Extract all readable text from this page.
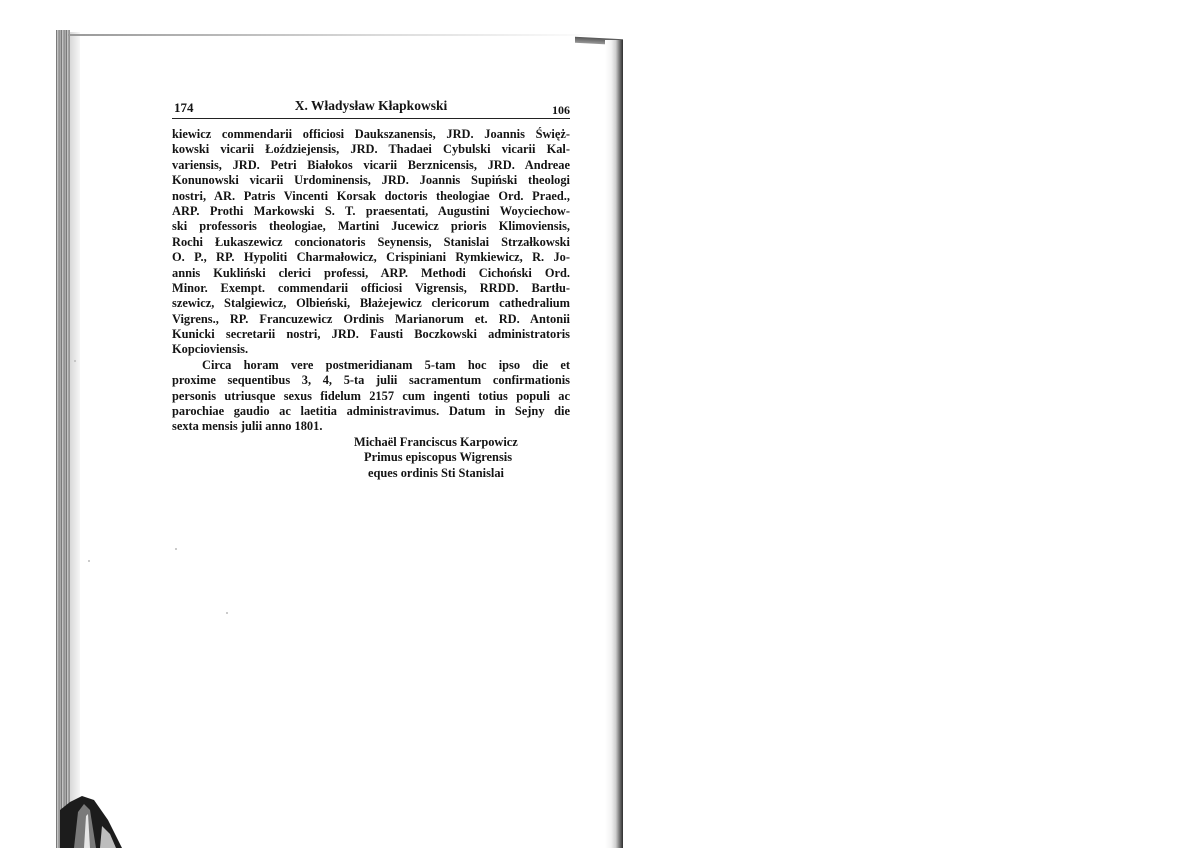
174	X. Władysław Kłapkowski	106
kiewicz commendarii officiosi Daukszanensis, JRD. Joannis Święż-
kowski vicarii Łoździejensis, JRD. Thadaei Cybulski vicarii Kal-
variensis, JRD. Petri Białokos vicarii Berznicensis, JRD. Andreae
Konunowski vicarii Urdominensis, JRD. Joannis Supiński theologi
nostri, AR. Patris Vincenti Korsak doctoris theologiae Ord. Praed.,
ARP. Prothi Markowski S. T. praesentati, Augustini Woyciechow-
ski professoris theologiae, Martini Jucewicz prioris Klimoviensis,
Rochi Łukaszewicz concionatoris Seynensis, Stanislai Strzałkowski
O. P., RP. Hypoliti Charmałowicz, Crispiniani Rymkiewicz, R. Jo-
annis Kukliński clerici professi, ARP. Methodi Cichoński Ord.
Minor. Exempt. commendarii officiosi Vigrensis, RRDD. Bartłu-
szewicz, Stalgiewicz, Olbieński, Błażejewicz clericorum cathedralium
Vigrens., RP. Francuzewicz Ordinis Marianorum et. RD. Antonii
Kunicki secretarii nostri, JRD. Fausti Boczkowski administratoris
Kopcioviensis.
Circa horam vere postmeridianam 5-tam hoc ipso die et
proxime sequentibus 3, 4, 5-ta julii sacramentum confirmationis
personis utriusque sexus fidelum 2157 cum ingenti totius populi ac
parochiae gaudio ac laetitia administravimus. Datum in Sejny die
sexta mensis julii anno 1801.
Michaël Franciscus Karpowicz
Primus episcopus Wigrensis
eques ordinis Sti Stanislai
